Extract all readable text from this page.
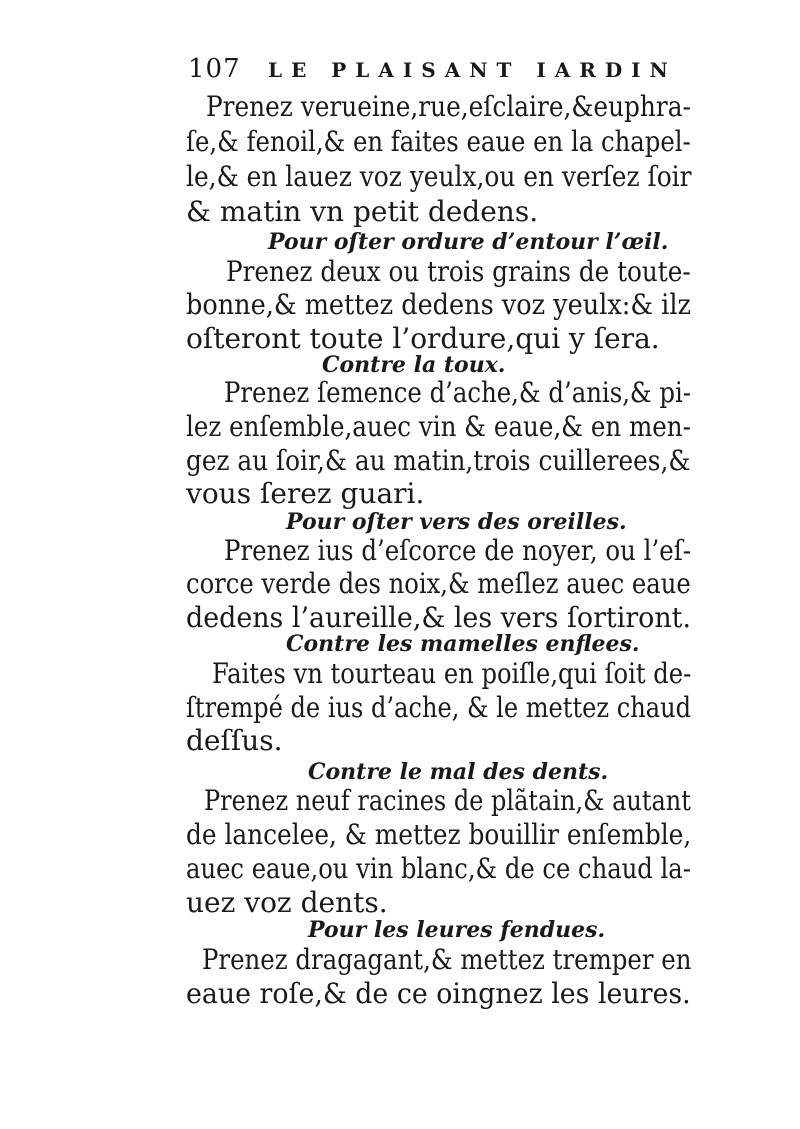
107 LE PLAISANT IARDIN
Prenez verueine,rue,eſclaire,&euphra-
ſe,& fenoil,& en faites eaue en la chapel-
le,& en lauez voz yeulx,ou en verſez ſoir
& matin vn petit dedens.
Pour oſter ordure d’entour l’œil.
Prenez deux ou trois grains de toute-
bonne,& mettez dedens voz yeulx:& ilz
oſteront toute l’ordure,qui y ſera.
Contre la toux.
Prenez ſemence d’ache,& d’anis,& pi-
lez enſemble,auec vin & eaue,& en men-
gez au ſoir,& au matin,trois cuillerees,&
vous ſerez guari.
Pour oſter vers des oreilles.
Prenez ius d’eſcorce de noyer, ou l’eſ-
corce verde des noix,& meſlez auec eaue
dedens l’aureille,& les vers ſortiront.
Contre les mamelles enflees.
Faites vn tourteau en poiſle,qui ſoit de-
ſtrempé de ius d’ache, & le mettez chaud
deſſus.
Contre le mal des dents.
Prenez neuf racines de plãtain,& autant
de lancelee, & mettez bouillir enſemble,
auec eaue,ou vin blanc,& de ce chaud la-
uez voz dents.
Pour les leures fendues.
Prenez dragagant,& mettez tremper en
eaue roſe,& de ce oingnez les leures.
